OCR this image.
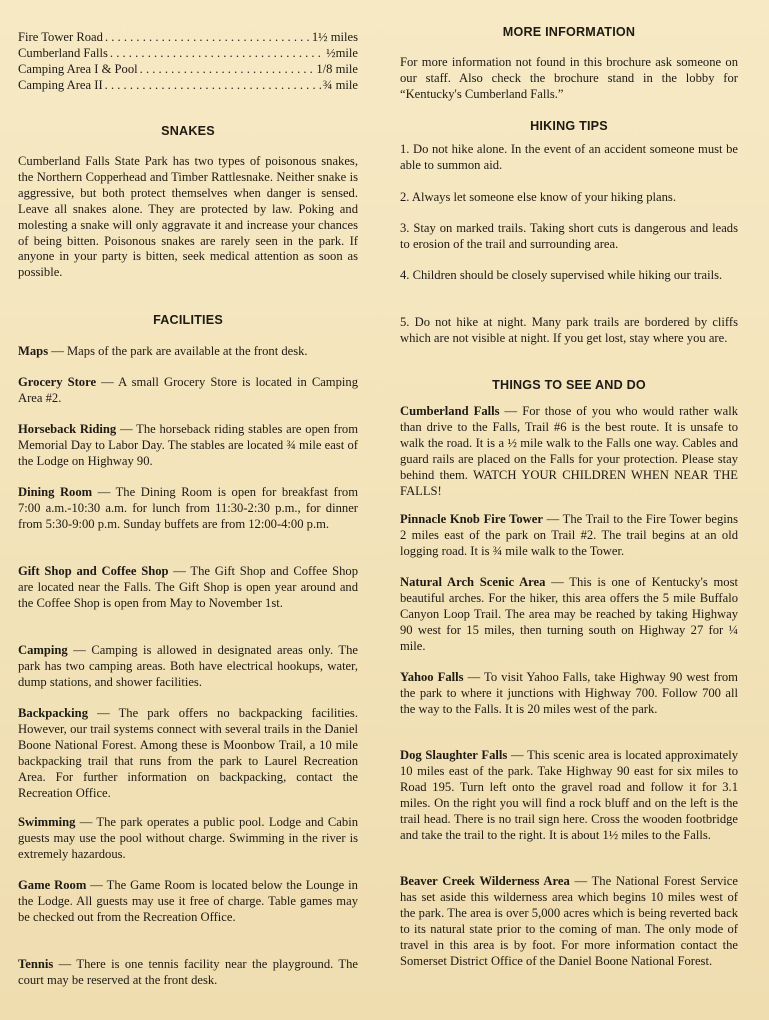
Fire Tower Road . . .	1½ miles
Cumberland Falls . . .	½mile
Camping Area I & Pool . . .	1/8 mile
Camping Area II . . .	¾ mile
SNAKES

Cumberland Falls State Park has two types of poisonous snakes, the Northern Copperhead and Timber Rattlesnake. Neither snake is aggressive, but both protect themselves when danger is sensed. Leave all snakes alone. They are protected by law. Poking and molesting a snake will only aggravate it and increase your chances of being bitten. Poisonous snakes are rarely seen in the park. If anyone in your party is bitten, seek medical attention as soon as possible.

FACILITIES

Maps — Maps of the park are available at the front desk.

Grocery Store — A small Grocery Store is located in Camping Area #2.

Horseback Riding — The horseback riding stables are open from Memorial Day to Labor Day. The stables are located ¾ mile east of the Lodge on Highway 90.

Dining Room — The Dining Room is open for breakfast from 7:00 a.m.-10:30 a.m. for lunch from 11:30-2:30 p.m., for dinner from 5:30-9:00 p.m. Sunday buffets are from 12:00-4:00 p.m.

Gift Shop and Coffee Shop — The Gift Shop and Coffee Shop are located near the Falls. The Gift Shop is open year around and the Coffee Shop is open from May to November 1st.

Camping — Camping is allowed in designated areas only. The park has two camping areas. Both have electrical hookups, water, dump stations, and shower facilities.

Backpacking — The park offers no backpacking facilities. However, our trail systems connect with several trails in the Daniel Boone National Forest. Among these is Moonbow Trail, a 10 mile backpacking trail that runs from the park to Laurel Recreation Area. For further information on backpacking, contact the Recreation Office.

Swimming — The park operates a public pool. Lodge and Cabin guests may use the pool without charge. Swimming in the river is extremely hazardous.

Game Room — The Game Room is located below the Lounge in the Lodge. All guests may use it free of charge. Table games may be checked out from the Recreation Office.

Tennis — There is one tennis facility near the playground. The court may be reserved at the front desk.

MORE INFORMATION

For more information not found in this brochure ask someone on our staff. Also check the brochure stand in the lobby for “Kentucky's Cumberland Falls.”

HIKING TIPS

1. Do not hike alone. In the event of an accident someone must be able to summon aid.

2. Always let someone else know of your hiking plans.

3. Stay on marked trails. Taking short cuts is dangerous and leads to erosion of the trail and surrounding area.

4. Children should be closely supervised while hiking our trails.

5. Do not hike at night. Many park trails are bordered by cliffs which are not visible at night. If you get lost, stay where you are.

THINGS TO SEE AND DO

Cumberland Falls — For those of you who would rather walk than drive to the Falls, Trail #6 is the best route. It is unsafe to walk the road. It is a ½ mile walk to the Falls one way. Cables and guard rails are placed on the Falls for your protection. Please stay behind them. WATCH YOUR CHILDREN WHEN NEAR THE FALLS!

Pinnacle Knob Fire Tower — The Trail to the Fire Tower begins 2 miles east of the park on Trail #2. The trail begins at an old logging road. It is ¾ mile walk to the Tower.

Natural Arch Scenic Area — This is one of Kentucky's most beautiful arches. For the hiker, this area offers the 5 mile Buffalo Canyon Loop Trail. The area may be reached by taking Highway 90 west for 15 miles, then turning south on Highway 27 for ¼ mile.

Yahoo Falls — To visit Yahoo Falls, take Highway 90 west from the park to where it junctions with Highway 700. Follow 700 all the way to the Falls. It is 20 miles west of the park.

Dog Slaughter Falls — This scenic area is located approximately 10 miles east of the park. Take Highway 90 east for six miles to Road 195. Turn left onto the gravel road and follow it for 3.1 miles. On the right you will find a rock bluff and on the left is the trail head. There is no trail sign here. Cross the wooden footbridge and take the trail to the right. It is about 1½ miles to the Falls.

Beaver Creek Wilderness Area — The National Forest Service has set aside this wilderness area which begins 10 miles west of the park. The area is over 5,000 acres which is being reverted back to its natural state prior to the coming of man. The only mode of travel in this area is by foot. For more information contact the Somerset District Office of the Daniel Boone National Forest.
